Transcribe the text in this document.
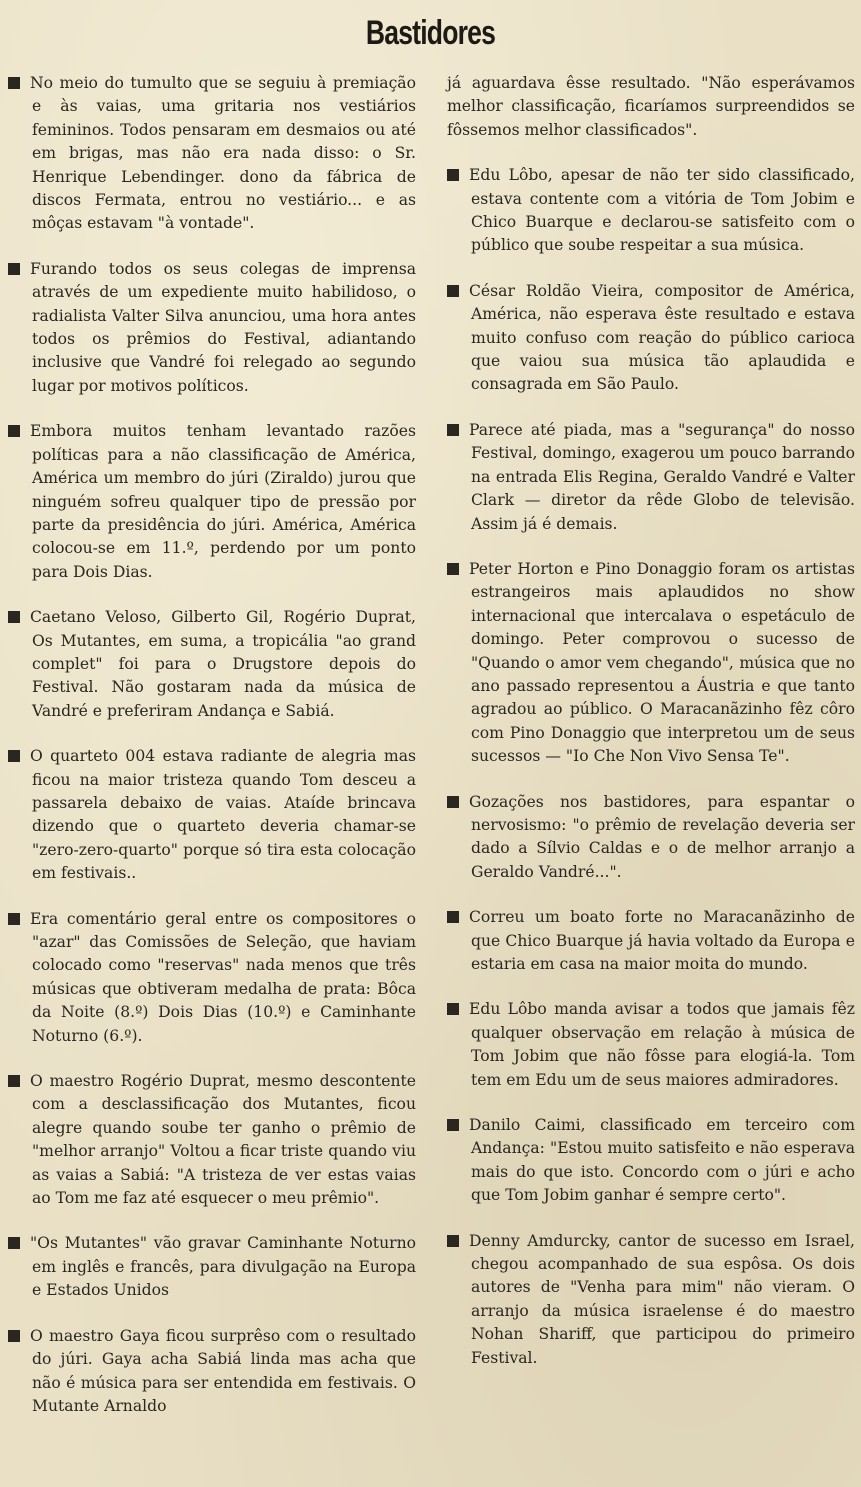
Bastidores

No meio do tumulto que se seguiu à premiação e às vaias, uma gritaria nos vestiários femininos. Todos pensaram em desmaios ou até em brigas, mas não era nada disso: o Sr. Henrique Lebendinger. dono da fábrica de discos Fermata, entrou no vestiário... e as môças estavam "à vontade".

Furando todos os seus colegas de imprensa através de um expediente muito habilidoso, o radialista Valter Silva anunciou, uma hora antes todos os prêmios do Festival, adiantando inclusive que Vandré foi relegado ao segundo lugar por motivos políticos.

Embora muitos tenham levantado razões políticas para a não classificação de América, América um membro do júri (Ziraldo) jurou que ninguém sofreu qualquer tipo de pressão por parte da presidência do júri. América, América colocou-se em 11.º, perdendo por um ponto para Dois Dias.

Caetano Veloso, Gilberto Gil, Rogério Duprat, Os Mutantes, em suma, a tropicália "ao grand complet" foi para o Drugstore depois do Festival. Não gostaram nada da música de Vandré e preferiram Andança e Sabiá.

O quarteto 004 estava radiante de alegria mas ficou na maior tristeza quando Tom desceu a passarela debaixo de vaias. Ataíde brincava dizendo que o quarteto deveria chamar-se "zero-zero-quarto" porque só tira esta colocação em festivais..

Era comentário geral entre os compositores o "azar" das Comissões de Seleção, que haviam colocado como "reservas" nada menos que três músicas que obtiveram medalha de prata: Bôca da Noite (8.º) Dois Dias (10.º) e Caminhante Noturno (6.º).

O maestro Rogério Duprat, mesmo descontente com a desclassificação dos Mutantes, ficou alegre quando soube ter ganho o prêmio de "melhor arranjo" Voltou a ficar triste quando viu as vaias a Sabiá: "A tristeza de ver estas vaias ao Tom me faz até esquecer o meu prêmio".

"Os Mutantes" vão gravar Caminhante Noturno em inglês e francês, para divulgação na Europa e Estados Unidos

O maestro Gaya ficou surprêso com o resultado do júri. Gaya acha Sabiá linda mas acha que não é música para ser entendida em festivais. O Mutante Arnaldo

já aguardava êsse resultado. "Não esperávamos melhor classificação, ficaríamos surpreendidos se fôssemos melhor classificados".

Edu Lôbo, apesar de não ter sido classificado, estava contente com a vitória de Tom Jobim e Chico Buarque e declarou-se satisfeito com o público que soube respeitar a sua música.

César Roldão Vieira, compositor de América, América, não esperava êste resultado e estava muito confuso com reação do público carioca que vaiou sua música tão aplaudida e consagrada em São Paulo.

Parece até piada, mas a "segurança" do nosso Festival, domingo, exagerou um pouco barrando na entrada Elis Regina, Geraldo Vandré e Valter Clark — diretor da rêde Globo de televisão. Assim já é demais.

Peter Horton e Pino Donaggio foram os artistas estrangeiros mais aplaudidos no show internacional que intercalava o espetáculo de domingo. Peter comprovou o sucesso de "Quando o amor vem chegando", música que no ano passado representou a Áustria e que tanto agradou ao público. O Maracanãzinho fêz côro com Pino Donaggio que interpretou um de seus sucessos — "Io Che Non Vivo Sensa Te".

Gozações nos bastidores, para espantar o nervosismo: "o prêmio de revelação deveria ser dado a Sílvio Caldas e o de melhor arranjo a Geraldo Vandré...".

Correu um boato forte no Maracanãzinho de que Chico Buarque já havia voltado da Europa e estaria em casa na maior moita do mundo.

Edu Lôbo manda avisar a todos que jamais fêz qualquer observação em relação à música de Tom Jobim que não fôsse para elogiá-la. Tom tem em Edu um de seus maiores admiradores.

Danilo Caimi, classificado em terceiro com Andança: "Estou muito satisfeito e não esperava mais do que isto. Concordo com o júri e acho que Tom Jobim ganhar é sempre certo".

Denny Amdurcky, cantor de sucesso em Israel, chegou acompanhado de sua espôsa. Os dois autores de "Venha para mim" não vieram. O arranjo da música israelense é do maestro Nohan Shariff, que participou do primeiro Festival.
